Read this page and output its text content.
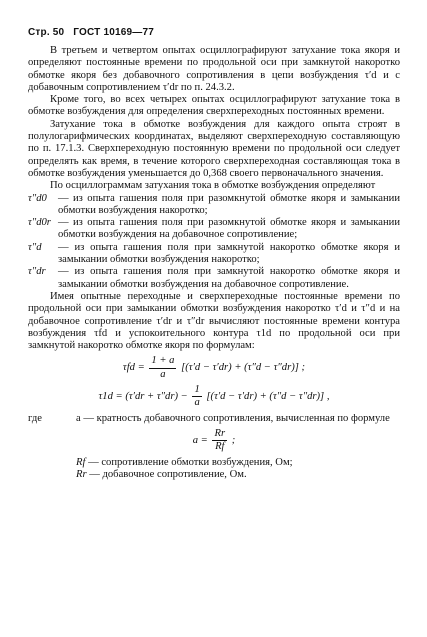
Стр. 50 ГОСТ 10169—77

В третьем и четвертом опытах осциллографируют затухание тока якоря и определяют постоянные времени по продольной оси при замкнутой накоротко обмотке якоря без добавочного сопротивления в цепи возбуждения τ′d и с добавочным сопротивлением τ′dr по п. 24.3.2.

Кроме того, во всех четырех опытах осциллографируют затухание тока в обмотке возбуждения для определения сверхпереходных постоянных времени.

Затухание тока в обмотке возбуждения для каждого опыта строят в полулогарифмических координатах, выделяют сверхпереходную составляющую по п. 17.1.3. Сверхпереходную постоянную времени по продольной оси следует определять как время, в течение которого сверхпереходная составляющая тока в обмотке возбуждения уменьшается до 0,368 своего первоначального значения.

По осциллограммам затухания тока в обмотке возбуждения определяют

τ″d0	— из опыта гашения поля при разомкнутой обмотке якоря и замыкании обмотки возбуждения накоротко;
τ″d0r — из опыта гашения поля при разомкнутой обмотке якоря и замыкании обмотки возбуждения на добавочное сопротивление;
τ″d	— из опыта гашения поля при замкнутой накоротко обмотке якоря и замыкании обмотки возбуждения накоротко;
τ″dr	— из опыта гашения поля при замкнутой накоротко обмотке якоря и замыкании обмотки возбуждения на добавочное сопротивление.

Имея опытные переходные и сверхпереходные постоянные времени по продольной оси при замыкании обмотки возбуждения накоротко τ′d и τ″d и на добавочное сопротивление τ′dr и τ″dr вычисляют постоянные времени контура возбуждения τfd и успокоительного контура τ1d по продольной оси при замкнутой накоротко обмотке якоря по формулам:

$\tau fd = \frac{1 + a}{a} [(\tau'd - \tau'dr) + (\tau''d - \tau''dr)]$ ;
$\tau 1d = (\tau'dr + \tau''dr) - \frac{1}{a} [(\tau'd - \tau'dr) + (\tau''d - \tau''dr)]$ ,
где	a — кратность добавочного сопротивления, вычисленная по формуле
$a = \frac{Rr}{Rf}$ ;
Rf — сопротивление обмотки возбуждения, Ом;
Rr — добавочное сопротивление, Ом.
